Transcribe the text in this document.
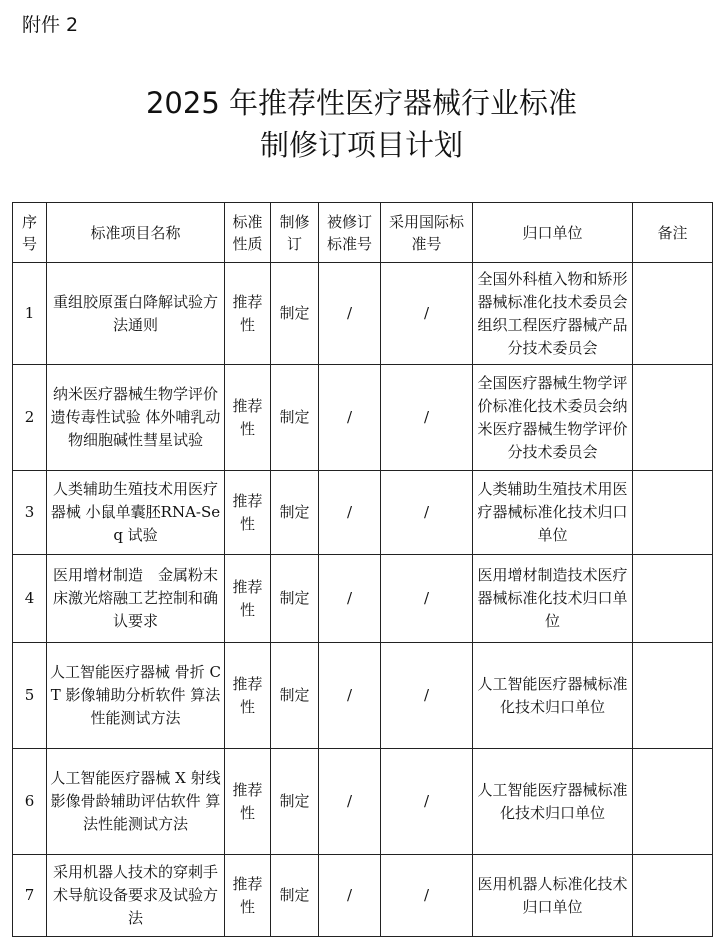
附件 2
2025 年推荐性医疗器械行业标准
制修订项目计划
序号	标准项目名称	标准性质	制修订	被修订标准号	采用国际标准号	归口单位	备注
1	重组胶原蛋白降解试验方法通则	推荐性	制定	/	/	全国外科植入物和矫形器械标准化技术委员会组织工程医疗器械产品分技术委员会	
2	纳米医疗器械生物学评价 遗传毒性试验 体外哺乳动物细胞碱性彗星试验	推荐性	制定	/	/	全国医疗器械生物学评价标准化技术委员会纳米医疗器械生物学评价分技术委员会	
3	人类辅助生殖技术用医疗器械 小鼠单囊胚RNA-Seq 试验	推荐性	制定	/	/	人类辅助生殖技术用医疗器械标准化技术归口单位	
4	医用增材制造　金属粉末床激光熔融工艺控制和确认要求	推荐性	制定	/	/	医用增材制造技术医疗器械标准化技术归口单位	
5	人工智能医疗器械 骨折 CT 影像辅助分析软件 算法性能测试方法	推荐性	制定	/	/	人工智能医疗器械标准化技术归口单位	
6	人工智能医疗器械 X 射线影像骨龄辅助评估软件 算法性能测试方法	推荐性	制定	/	/	人工智能医疗器械标准化技术归口单位	
7	采用机器人技术的穿刺手术导航设备要求及试验方法	推荐性	制定	/	/	医用机器人标准化技术归口单位	
